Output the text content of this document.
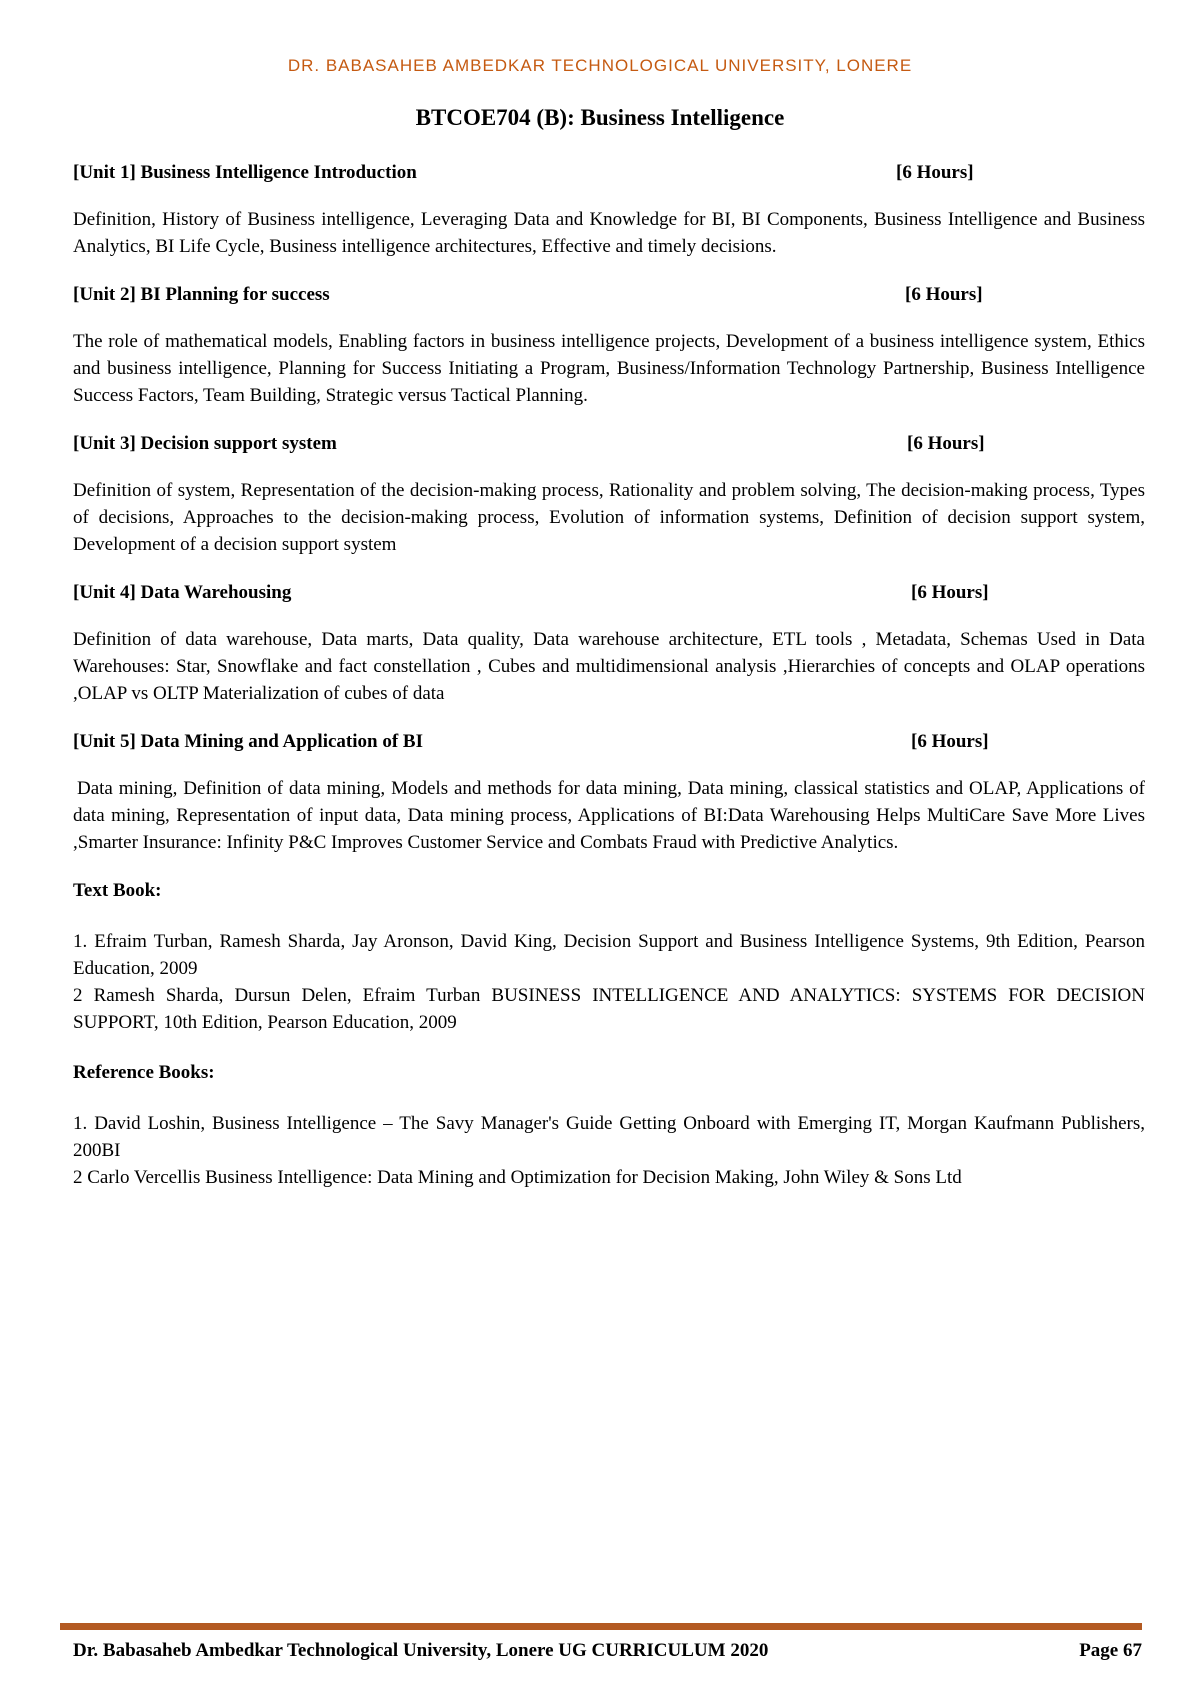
DR. BABASAHEB AMBEDKAR TECHNOLOGICAL UNIVERSITY, LONERE
BTCOE704 (B): Business Intelligence
[Unit 1] Business Intelligence Introduction	[6 Hours]

Definition, History of Business intelligence, Leveraging Data and Knowledge for BI, BI Components, Business Intelligence and Business Analytics, BI Life Cycle, Business intelligence architectures, Effective and timely decisions.

[Unit 2] BI Planning for success	[6 Hours]

The role of mathematical models, Enabling factors in business intelligence projects, Development of a business intelligence system, Ethics and business intelligence, Planning for Success Initiating a Program, Business/Information Technology Partnership, Business Intelligence Success Factors, Team Building, Strategic versus Tactical Planning.

[Unit 3] Decision support system	[6 Hours]

Definition of system, Representation of the decision-making process, Rationality and problem solving, The decision-making process, Types of decisions, Approaches to the decision-making process, Evolution of information systems, Definition of decision support system, Development of a decision support system

[Unit 4] Data Warehousing	[6 Hours]

Definition of data warehouse, Data marts, Data quality, Data warehouse architecture, ETL tools , Metadata, Schemas Used in Data Warehouses: Star, Snowflake and fact constellation , Cubes and multidimensional analysis ,Hierarchies of concepts and OLAP operations ,OLAP vs OLTP Materialization of cubes of data

[Unit 5] Data Mining and Application of BI	[6 Hours]

Data mining, Definition of data mining, Models and methods for data mining, Data mining, classical statistics and OLAP, Applications of data mining, Representation of input data, Data mining process, Applications of BI:Data Warehousing Helps MultiCare Save More Lives ,Smarter Insurance: Infinity P&C Improves Customer Service and Combats Fraud with Predictive Analytics.

Text Book:

1. Efraim Turban, Ramesh Sharda, Jay Aronson, David King, Decision Support and Business Intelligence Systems, 9th Edition, Pearson Education, 2009

2 Ramesh Sharda, Dursun Delen, Efraim Turban BUSINESS INTELLIGENCE AND ANALYTICS: SYSTEMS FOR DECISION SUPPORT, 10th Edition, Pearson Education, 2009

Reference Books:

1. David Loshin, Business Intelligence – The Savy Manager's Guide Getting Onboard with Emerging IT, Morgan Kaufmann Publishers, 200BI

2 Carlo Vercellis Business Intelligence: Data Mining and Optimization for Decision Making, John Wiley & Sons Ltd

Dr. Babasaheb Ambedkar Technological University, Lonere UG CURRICULUM 2020	Page 67
